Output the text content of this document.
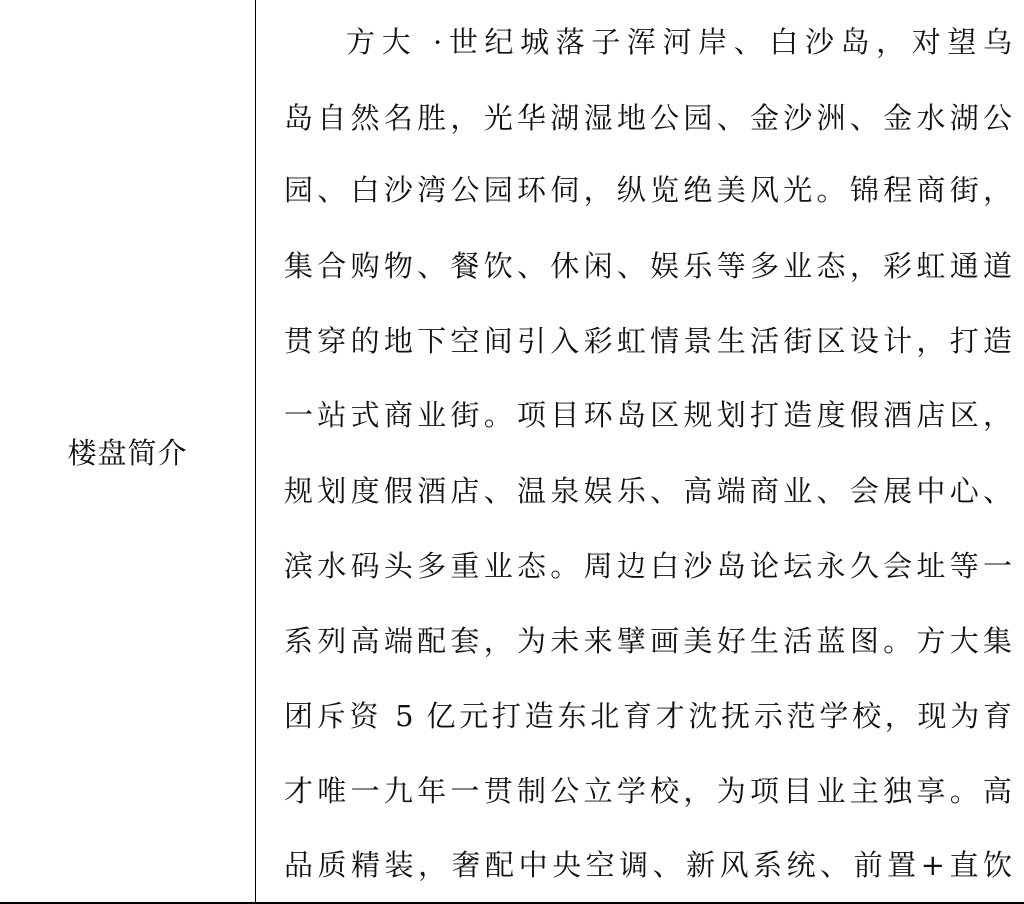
楼盘简介
方大 ·世纪城落子浑河岸、白沙岛，对望乌
岛自然名胜，光华湖湿地公园、金沙洲、金水湖公
园、白沙湾公园环伺，纵览绝美风光。锦程商街，
集合购物、餐饮、休闲、娱乐等多业态，彩虹通道
贯穿的地下空间引入彩虹情景生活街区设计，打造
一站式商业街。项目环岛区规划打造度假酒店区，
规划度假酒店、温泉娱乐、高端商业、会展中心、
滨水码头多重业态。周边白沙岛论坛永久会址等一
系列高端配套，为未来擘画美好生活蓝图。方大集
团斥资 5 亿元打造东北育才沈抚示范学校，现为育
才唯一九年一贯制公立学校，为项目业主独享。高
品质精装，奢配中央空调、新风系统、前置+直饮
